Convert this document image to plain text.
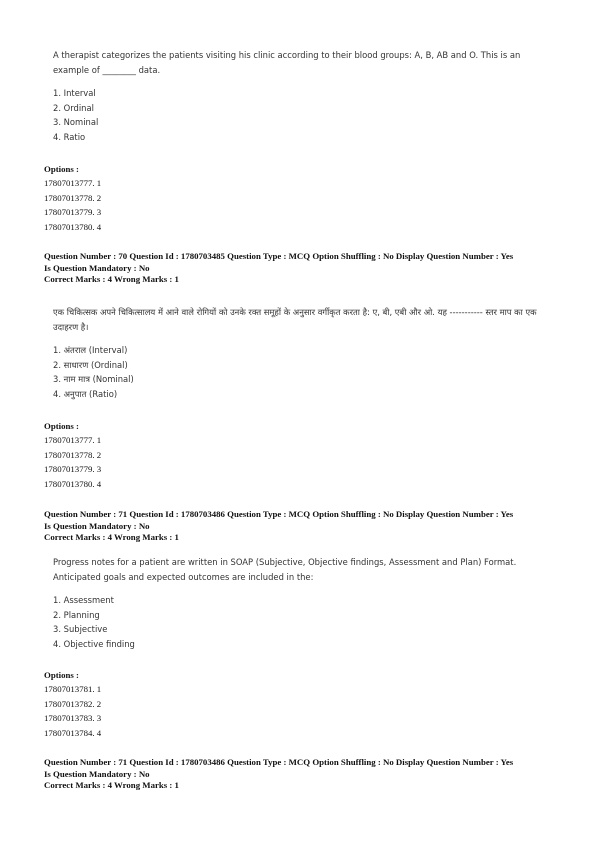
A therapist categorizes the patients visiting his clinic according to their blood groups: A, B, AB and O. This is an example of ________ data.
1. Interval
2. Ordinal
3. Nominal
4. Ratio
Options :
17807013777. 1
17807013778. 2
17807013779. 3
17807013780. 4
Question Number : 70 Question Id : 1780703485 Question Type : MCQ Option Shuffling : No Display Question Number : Yes
Is Question Mandatory : No
Correct Marks : 4 Wrong Marks : 1
एक चिकित्सक अपने चिकित्सालय में आने वाले रोगियों को उनके रक्त समूहों के अनुसार वर्गीकृत करता है: ए, बी, एबी और ओ. यह ----------- स्तर माप का एक उदाहरण है।
1. अंतराल (Interval)
2. साधारण (Ordinal)
3. नाम मात्र (Nominal)
4. अनुपात (Ratio)
Options :
17807013777. 1
17807013778. 2
17807013779. 3
17807013780. 4
Question Number : 71 Question Id : 1780703486 Question Type : MCQ Option Shuffling : No Display Question Number : Yes
Is Question Mandatory : No
Correct Marks : 4 Wrong Marks : 1
Progress notes for a patient are written in SOAP (Subjective, Objective findings, Assessment and Plan) Format. Anticipated goals and expected outcomes are included in the:
1. Assessment
2. Planning
3. Subjective
4. Objective finding
Options :
17807013781. 1
17807013782. 2
17807013783. 3
17807013784. 4
Question Number : 71 Question Id : 1780703486 Question Type : MCQ Option Shuffling : No Display Question Number : Yes
Is Question Mandatory : No
Correct Marks : 4 Wrong Marks : 1
